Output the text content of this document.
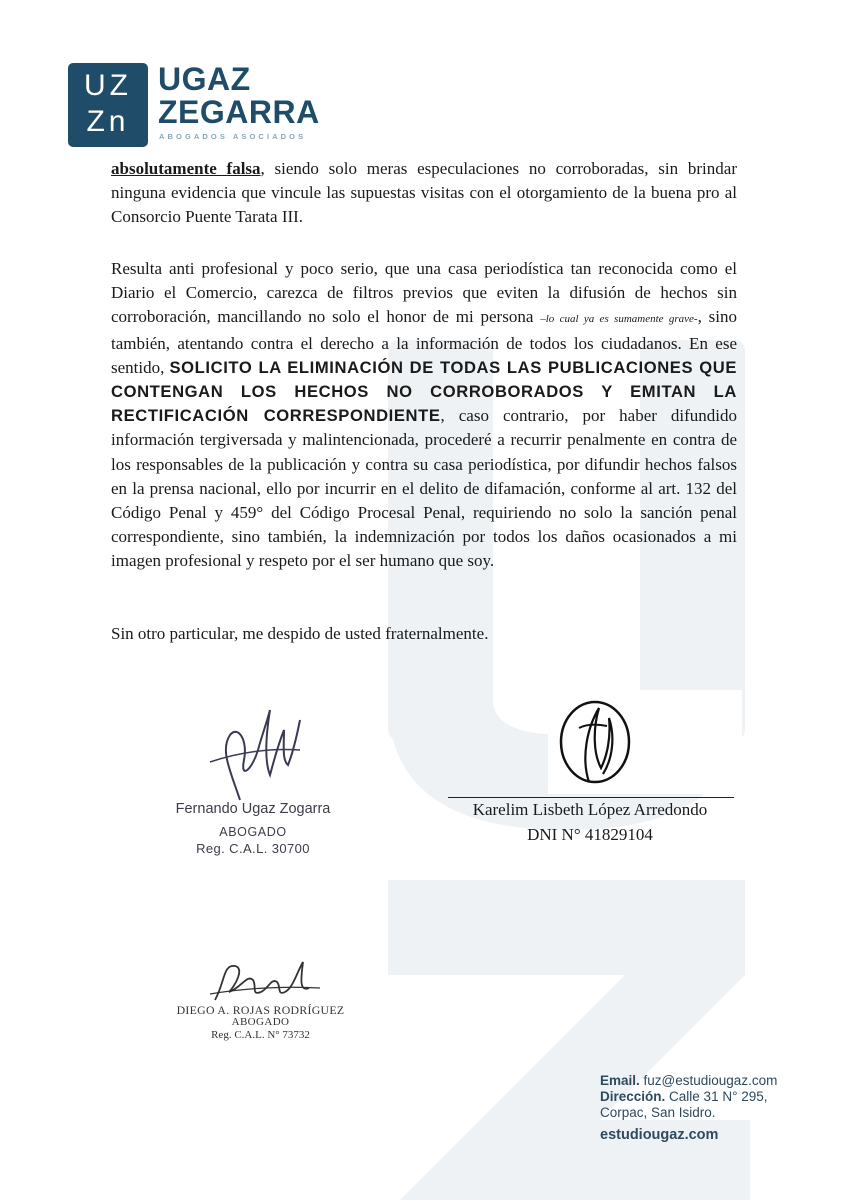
UZ
Zn
UGAZ
ZEGARRA
ABOGADOS ASOCIADOS
absolutamente falsa, siendo solo meras especulaciones no corroboradas, sin brindar ninguna evidencia que vincule las supuestas visitas con el otorgamiento de la buena pro al Consorcio Puente Tarata III.
Resulta anti profesional y poco serio, que una casa periodística tan reconocida como el Diario el Comercio, carezca de filtros previos que eviten la difusión de hechos sin corroboración, mancillando no solo el honor de mi persona –lo cual ya es sumamente grave-, sino también, atentando contra el derecho a la información de todos los ciudadanos. En ese sentido, SOLICITO LA ELIMINACIÓN DE TODAS LAS PUBLICACIONES QUE CONTENGAN LOS HECHOS NO CORROBORADOS Y EMITAN LA RECTIFICACIÓN CORRESPONDIENTE, caso contrario, por haber difundido información tergiversada y malintencionada, procederé a recurrir penalmente en contra de los responsables de la publicación y contra su casa periodística, por difundir hechos falsos en la prensa nacional, ello por incurrir en el delito de difamación, conforme al art. 132 del Código Penal y 459° del Código Procesal Penal, requiriendo no solo la sanción penal correspondiente, sino también, la indemnización por todos los daños ocasionados a mi imagen profesional y respeto por el ser humano que soy.
Sin otro particular, me despido de usted fraternalmente.
Fernando Ugaz Zogarra
ABOGADO
Reg. C.A.L. 30700
Karelim Lisbeth López Arredondo
DNI N° 41829104
DIEGO A. ROJAS RODRÍGUEZ
ABOGADO
Reg. C.A.L. N° 73732
Email. fuz@estudiougaz.com
Dirección. Calle 31 N° 295,
Corpac, San Isidro.
estudiougaz.com
